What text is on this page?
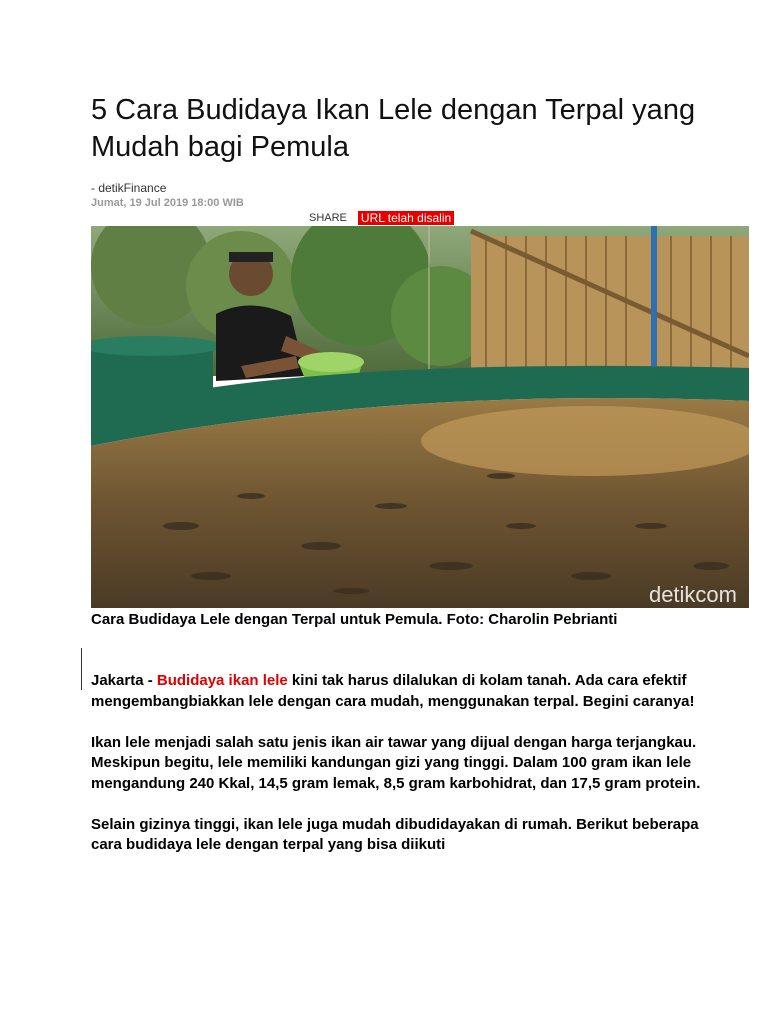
5 Cara Budidaya Ikan Lele dengan Terpal yang Mudah bagi Pemula
- detikFinance
Jumat, 19 Jul 2019 18:00 WIB
SHARE URL telah disalin
detikcom
Cara Budidaya Lele dengan Terpal untuk Pemula. Foto: Charolin Pebrianti

Jakarta - Budidaya ikan lele kini tak harus dilalukan di kolam tanah. Ada cara efektif mengembangbiakkan lele dengan cara mudah, menggunakan terpal. Begini caranya!

Ikan lele menjadi salah satu jenis ikan air tawar yang dijual dengan harga terjangkau. Meskipun begitu, lele memiliki kandungan gizi yang tinggi. Dalam 100 gram ikan lele mengandung 240 Kkal, 14,5 gram lemak, 8,5 gram karbohidrat, dan 17,5 gram protein.

Selain gizinya tinggi, ikan lele juga mudah dibudidayakan di rumah. Berikut beberapa cara budidaya lele dengan terpal yang bisa diikuti
